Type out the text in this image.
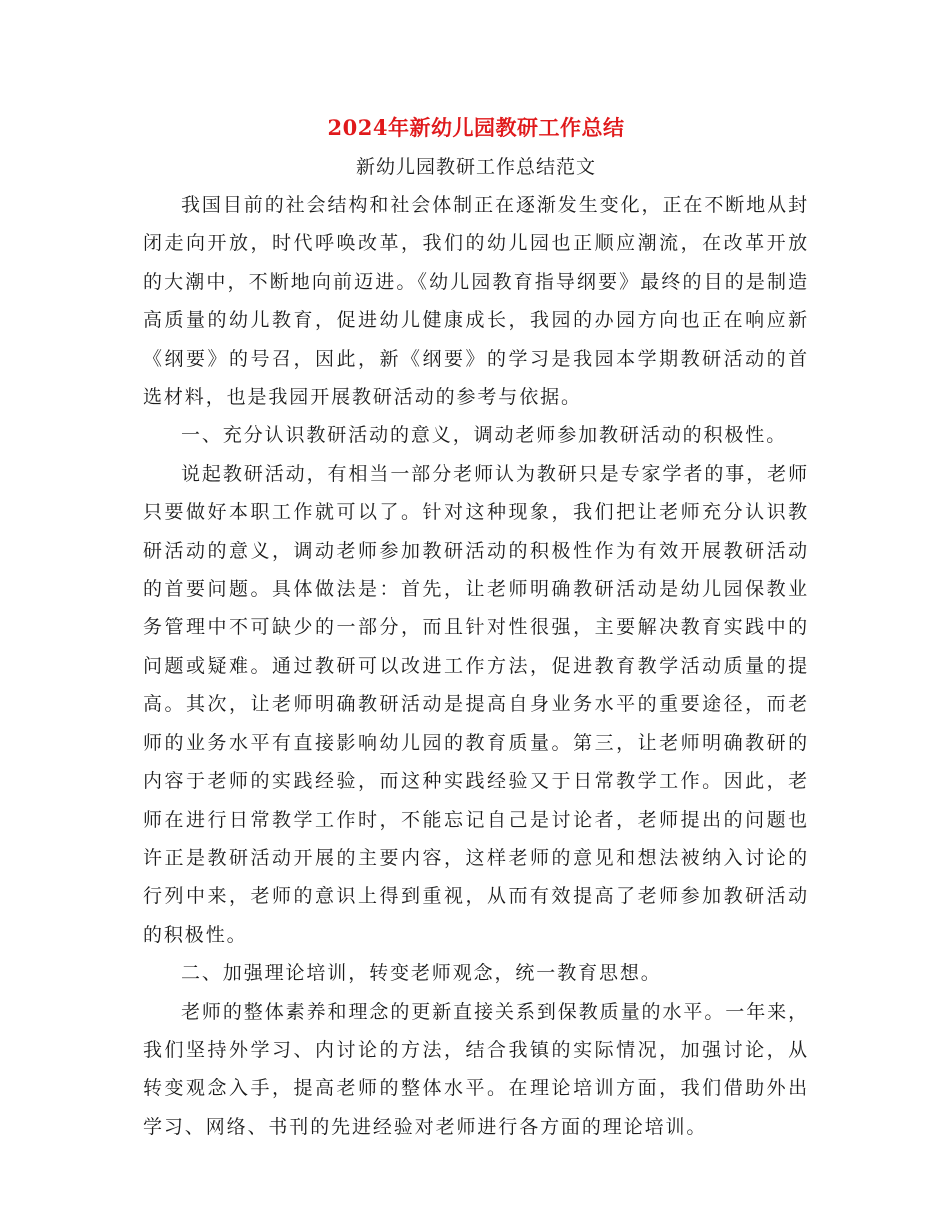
2024年新幼儿园教研工作总结
新幼儿园教研工作总结范文

我国目前的社会结构和社会体制正在逐渐发生变化，正在不断地从封闭走向开放，时代呼唤改革，我们的幼儿园也正顺应潮流，在改革开放的大潮中，不断地向前迈进。《幼儿园教育指导纲要》最终的目的是制造高质量的幼儿教育，促进幼儿健康成长，我园的办园方向也正在响应新《纲要》的号召，因此，新《纲要》的学习是我园本学期教研活动的首选材料，也是我园开展教研活动的参考与依据。

一、充分认识教研活动的意义，调动老师参加教研活动的积极性。

说起教研活动，有相当一部分老师认为教研只是专家学者的事，老师只要做好本职工作就可以了。针对这种现象，我们把让老师充分认识教研活动的意义，调动老师参加教研活动的积极性作为有效开展教研活动的首要问题。具体做法是：首先，让老师明确教研活动是幼儿园保教业务管理中不可缺少的一部分，而且针对性很强，主要解决教育实践中的问题或疑难。通过教研可以改进工作方法，促进教育教学活动质量的提高。其次，让老师明确教研活动是提高自身业务水平的重要途径，而老师的业务水平有直接影响幼儿园的教育质量。第三，让老师明确教研的内容于老师的实践经验，而这种实践经验又于日常教学工作。因此，老师在进行日常教学工作时，不能忘记自己是讨论者，老师提出的问题也许正是教研活动开展的主要内容，这样老师的意见和想法被纳入讨论的行列中来，老师的意识上得到重视，从而有效提高了老师参加教研活动的积极性。

二、加强理论培训，转变老师观念，统一教育思想。

老师的整体素养和理念的更新直接关系到保教质量的水平。一年来，我们坚持外学习、内讨论的方法，结合我镇的实际情况，加强讨论，从转变观念入手，提高老师的整体水平。在理论培训方面，我们借助外出学习、网络、书刊的先进经验对老师进行各方面的理论培训。
